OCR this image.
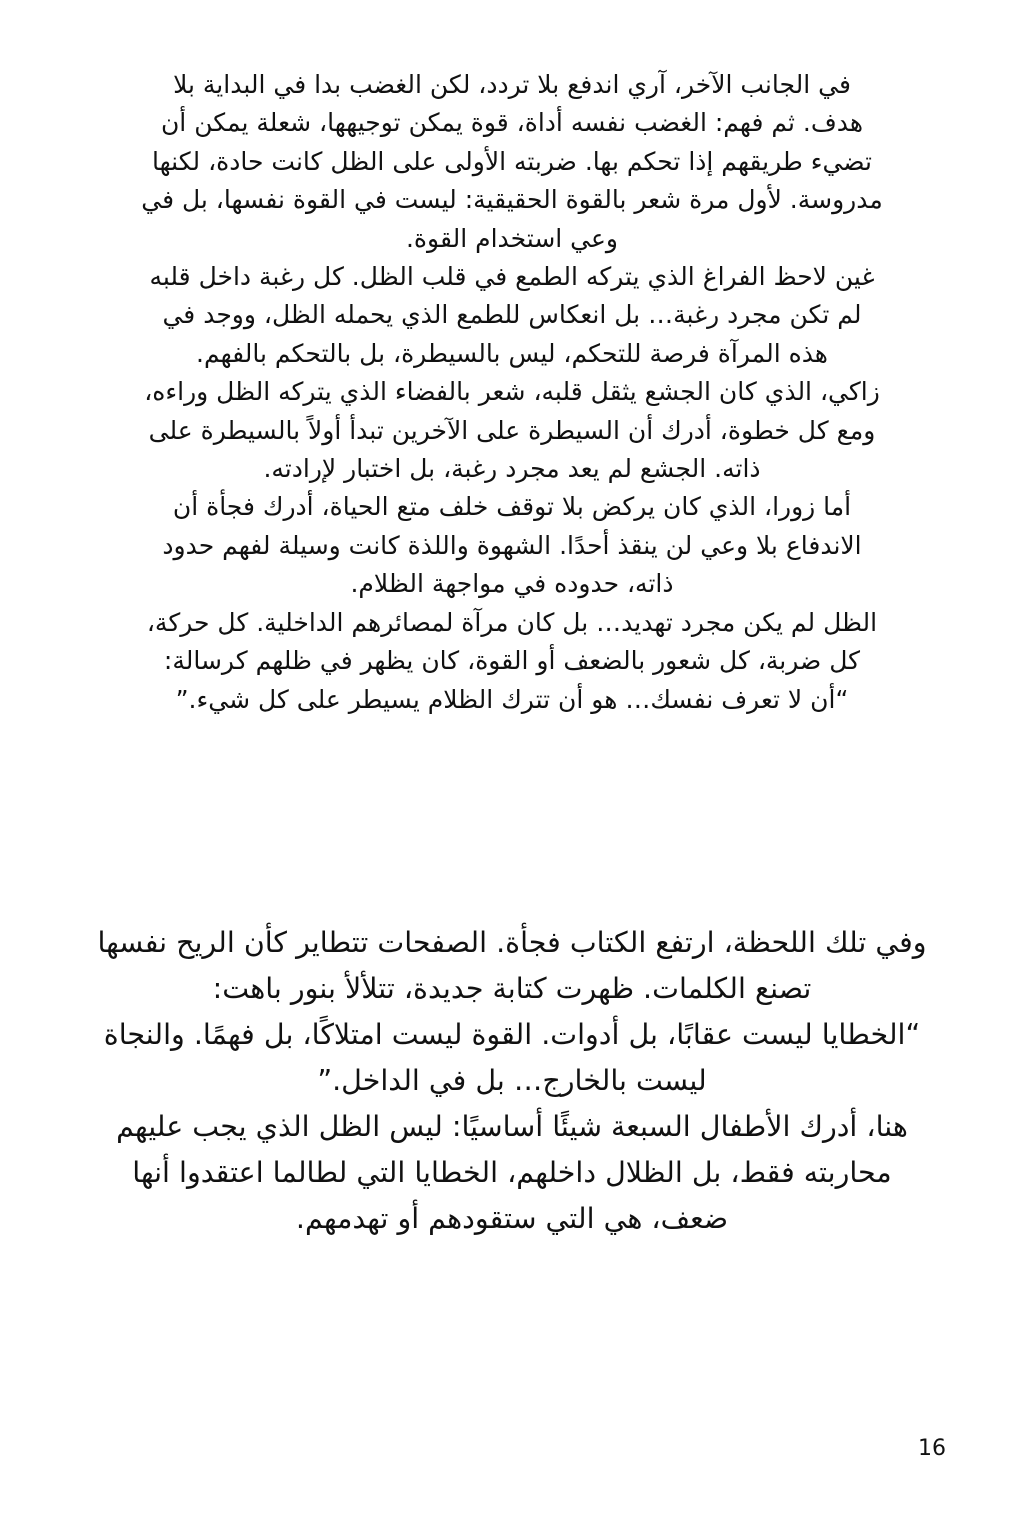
في الجانب الآخر، آري اندفع بلا تردد، لكن الغضب بدا في البداية بلا
هدف. ثم فهم: الغضب نفسه أداة، قوة يمكن توجيهها، شعلة يمكن أن
تضيء طريقهم إذا تحكم بها. ضربته الأولى على الظل كانت حادة، لكنها
مدروسة. لأول مرة شعر بالقوة الحقيقية: ليست في القوة نفسها، بل في
وعي استخدام القوة.
غين لاحظ الفراغ الذي يتركه الطمع في قلب الظل. كل رغبة داخل قلبه
لم تكن مجرد رغبة… بل انعكاس للطمع الذي يحمله الظل، ووجد في
هذه المرآة فرصة للتحكم، ليس بالسيطرة، بل بالتحكم بالفهم.
زاكي، الذي كان الجشع يثقل قلبه، شعر بالفضاء الذي يتركه الظل وراءه،
ومع كل خطوة، أدرك أن السيطرة على الآخرين تبدأ أولاً بالسيطرة على
ذاته. الجشع لم يعد مجرد رغبة، بل اختبار لإرادته.
أما زورا، الذي كان يركض بلا توقف خلف متع الحياة، أدرك فجأة أن
الاندفاع بلا وعي لن ينقذ أحدًا. الشهوة واللذة كانت وسيلة لفهم حدود
ذاته، حدوده في مواجهة الظلام.
الظل لم يكن مجرد تهديد… بل كان مرآة لمصائرهم الداخلية. كل حركة،
كل ضربة، كل شعور بالضعف أو القوة، كان يظهر في ظلهم كرسالة:
“أن لا تعرف نفسك… هو أن تترك الظلام يسيطر على كل شيء.”
وفي تلك اللحظة، ارتفع الكتاب فجأة. الصفحات تتطاير كأن الريح نفسها
تصنع الكلمات. ظهرت كتابة جديدة، تتلألأ بنور باهت:
“الخطايا ليست عقابًا، بل أدوات. القوة ليست امتلاكًا، بل فهمًا. والنجاة
ليست بالخارج… بل في الداخل.”
هنا، أدرك الأطفال السبعة شيئًا أساسيًا: ليس الظل الذي يجب عليهم
محاربته فقط، بل الظلال داخلهم، الخطايا التي لطالما اعتقدوا أنها
ضعف، هي التي ستقودهم أو تهدمهم.
16
